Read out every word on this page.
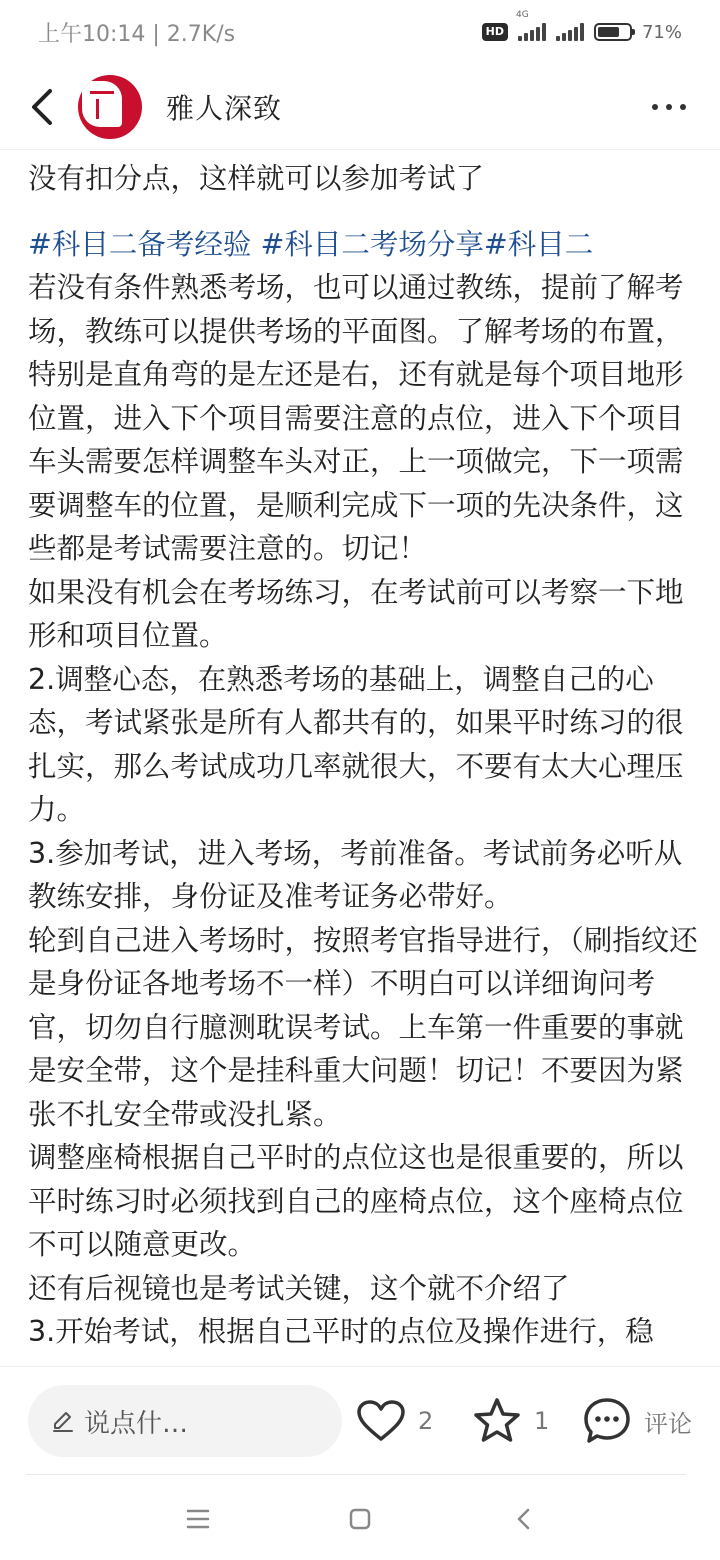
上午10:14 | 2.7K/s	HD
4G
71%
雅人深致

没有扣分点，这样就可以参加考试了

#科目二备考经验 #科目二考场分享#科目二

若没有条件熟悉考场，也可以通过教练，提前了解考场，教练可以提供考场的平面图。了解考场的布置，特别是直角弯的是左还是右，还有就是每个项目地形位置，进入下个项目需要注意的点位，进入下个项目车头需要怎样调整车头对正，上一项做完，下一项需要调整车的位置，是顺利完成下一项的先决条件，这些都是考试需要注意的。切记！

如果没有机会在考场练习，在考试前可以考察一下地形和项目位置。

2.调整心态，在熟悉考场的基础上，调整自己的心态，考试紧张是所有人都共有的，如果平时练习的很扎实，那么考试成功几率就很大，不要有太大心理压力。

3.参加考试，进入考场，考前准备。考试前务必听从教练安排，身份证及准考证务必带好。

轮到自己进入考场时，按照考官指导进行，（刷指纹还是身份证各地考场不一样）不明白可以详细询问考官，切勿自行臆测耽误考试。上车第一件重要的事就是安全带，这个是挂科重大问题！切记！不要因为紧张不扎安全带或没扎紧。

调整座椅根据自己平时的点位这也是很重要的，所以平时练习时必须找到自己的座椅点位，这个座椅点位不可以随意更改。

还有后视镜也是考试关键，这个就不介绍了

3.开始考试，根据自己平时的点位及操作进行，稳

说点什…	2	1	评论
